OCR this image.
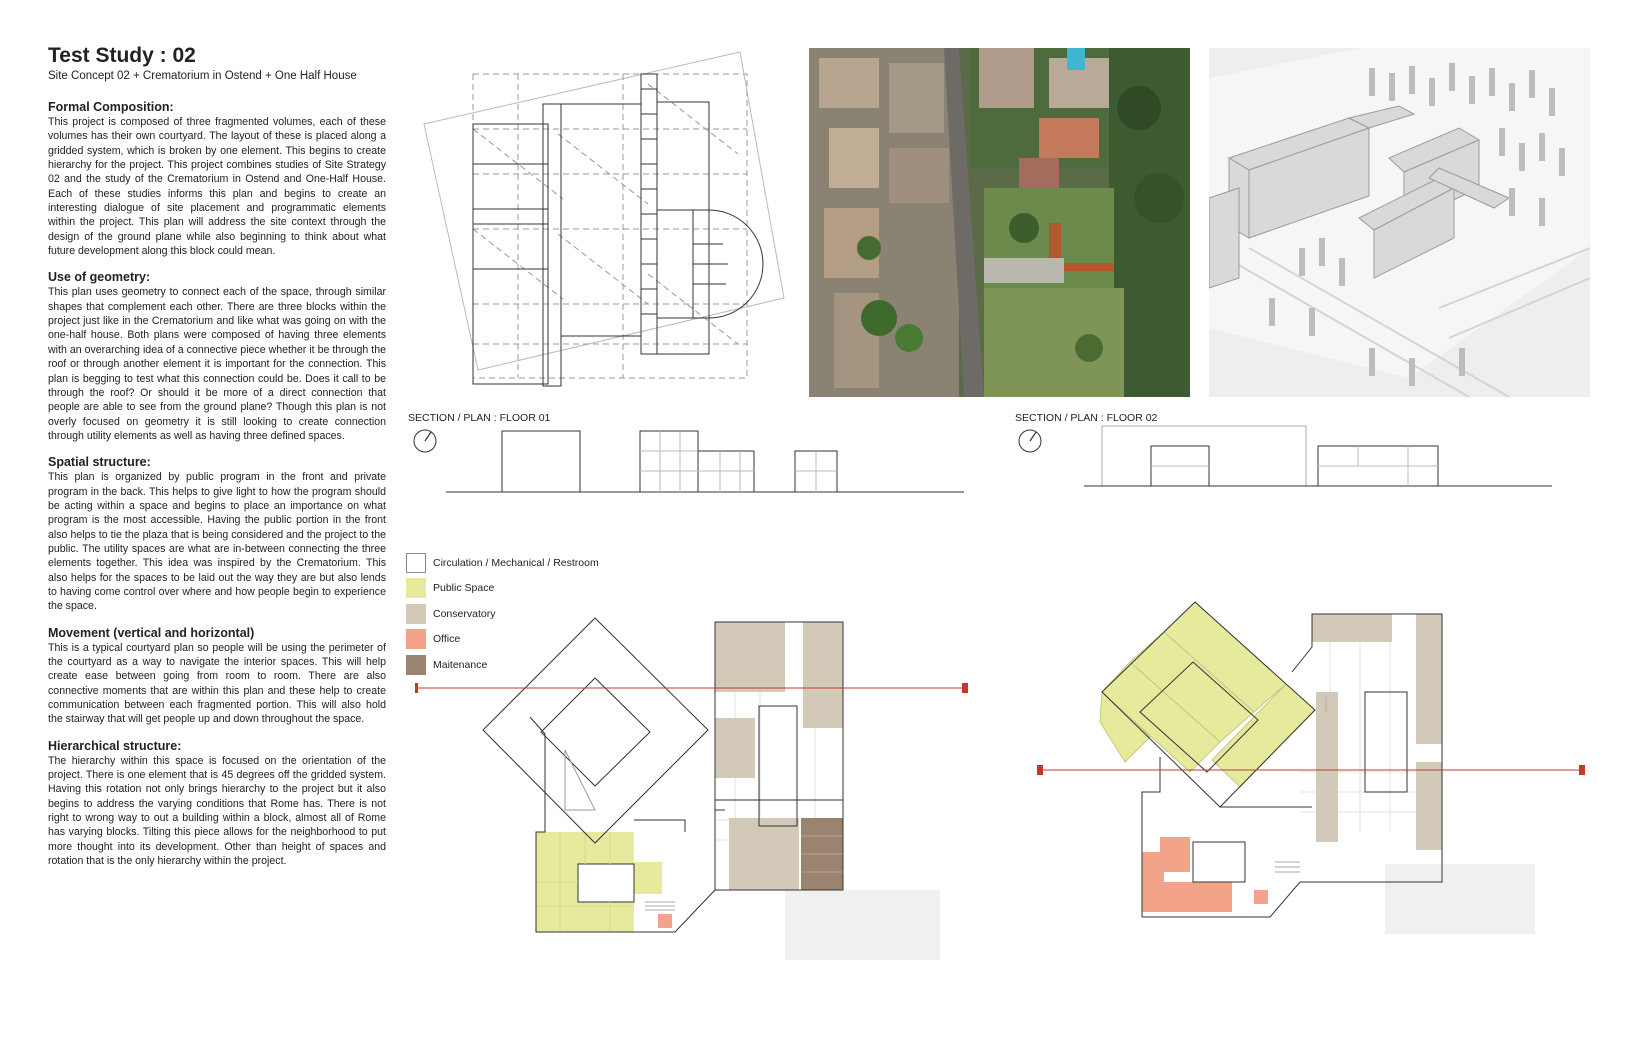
Test Study : 02
Site Concept 02 + Crematorium in Ostend + One Half House
Formal Composition:

This project is composed of three fragmented volumes, each of these volumes has their own courtyard. The layout of these is placed along a gridded system, which is broken by one element. This begins to create hierarchy for the project. This project combines studies of Site Strategy 02 and the study of the Crematorium in Ostend and One-Half House. Each of these studies informs this plan and begins to create an interesting dialogue of site placement and programmatic elements within the project. This plan will address the site context through the design of the ground plane while also beginning to think about what future development along this block could mean.

Use of geometry:

This plan uses geometry to connect each of the space, through similar shapes that complement each other. There are three blocks within the project just like in the Crematorium and like what was going on with the one-half house. Both plans were composed of having three elements with an overarching idea of a connective piece whether it be through the roof or through another element it is important for the connection. This plan is begging to test what this connection could be. Does it call to be through the roof? Or should it be more of a direct connection that people are able to see from the ground plane? Though this plan is not overly focused on geometry it is still looking to create connection through utility elements as well as having three defined spaces.

Spatial structure:

This plan is organized by public program in the front and private program in the back. This helps to give light to how the program should be acting within a space and begins to place an importance on what program is the most accessible. Having the public portion in the front also helps to tie the plaza that is being considered and the project to the public. The utility spaces are what are in-between connecting the three elements together. This idea was inspired by the Crematorium. This also helps for the spaces to be laid out the way they are but also lends to having come control over where and how people begin to experience the space.

Movement (vertical and horizontal)

This is a typical courtyard plan so people will be using the perimeter of the courtyard as a way to navigate the interior spaces. This will help create ease between going from room to room. There are also connective moments that are within this plan and these help to create communication between each fragmented portion. This will also hold the stairway that will get people up and down throughout the space.

Hierarchical structure:

The hierarchy within this space is focused on the orientation of the project. There is one element that is 45 degrees off the gridded system. Having this rotation not only brings hierarchy to the project but it also begins to address the varying conditions that Rome has. There is not right to wrong way to out a building within a block, almost all of Rome has varying blocks. Tilting this piece allows for the neighborhood to put more thought into its development. Other than height of spaces and rotation that is the only hierarchy within the project.

SECTION / PLAN : FLOOR 01	SECTION / PLAN : FLOOR 02
Circulation / Mechanical / Restroom
Public Space
Conservatory
Office
Maitenance
